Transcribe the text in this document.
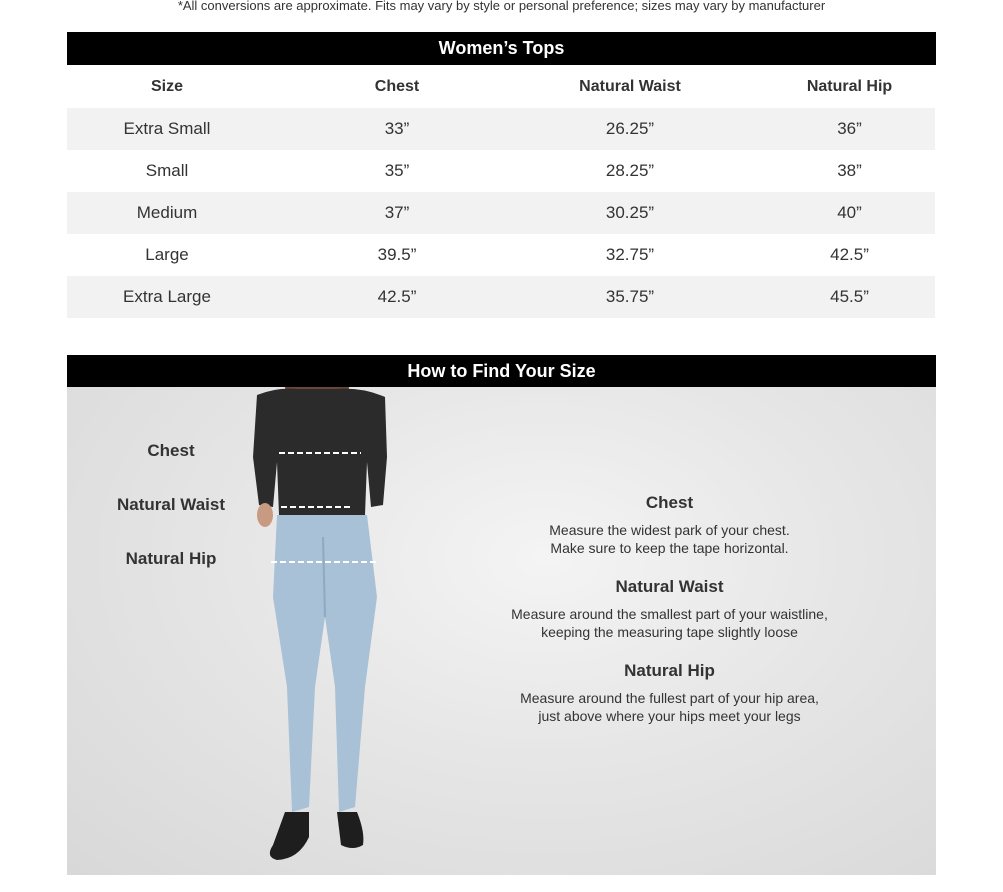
*All conversions are approximate. Fits may vary by style or personal preference; sizes may vary by manufacturer
Women’s Tops
Size	Chest	Natural Waist	Natural Hip
Extra Small	33”	26.25”	36”
Small	35”	28.25”	38”
Medium	37”	30.25”	40”
Large	39.5”	32.75”	42.5”
Extra Large	42.5”	35.75”	45.5”
How to Find Your Size
Chest
Natural Waist
Natural Hip
Chest
Measure the widest park of your chest.
Make sure to keep the tape horizontal.
Natural Waist
Measure around the smallest part of your waistline,
keeping the measuring tape slightly loose
Natural Hip
Measure around the fullest part of your hip area,
just above where your hips meet your legs
